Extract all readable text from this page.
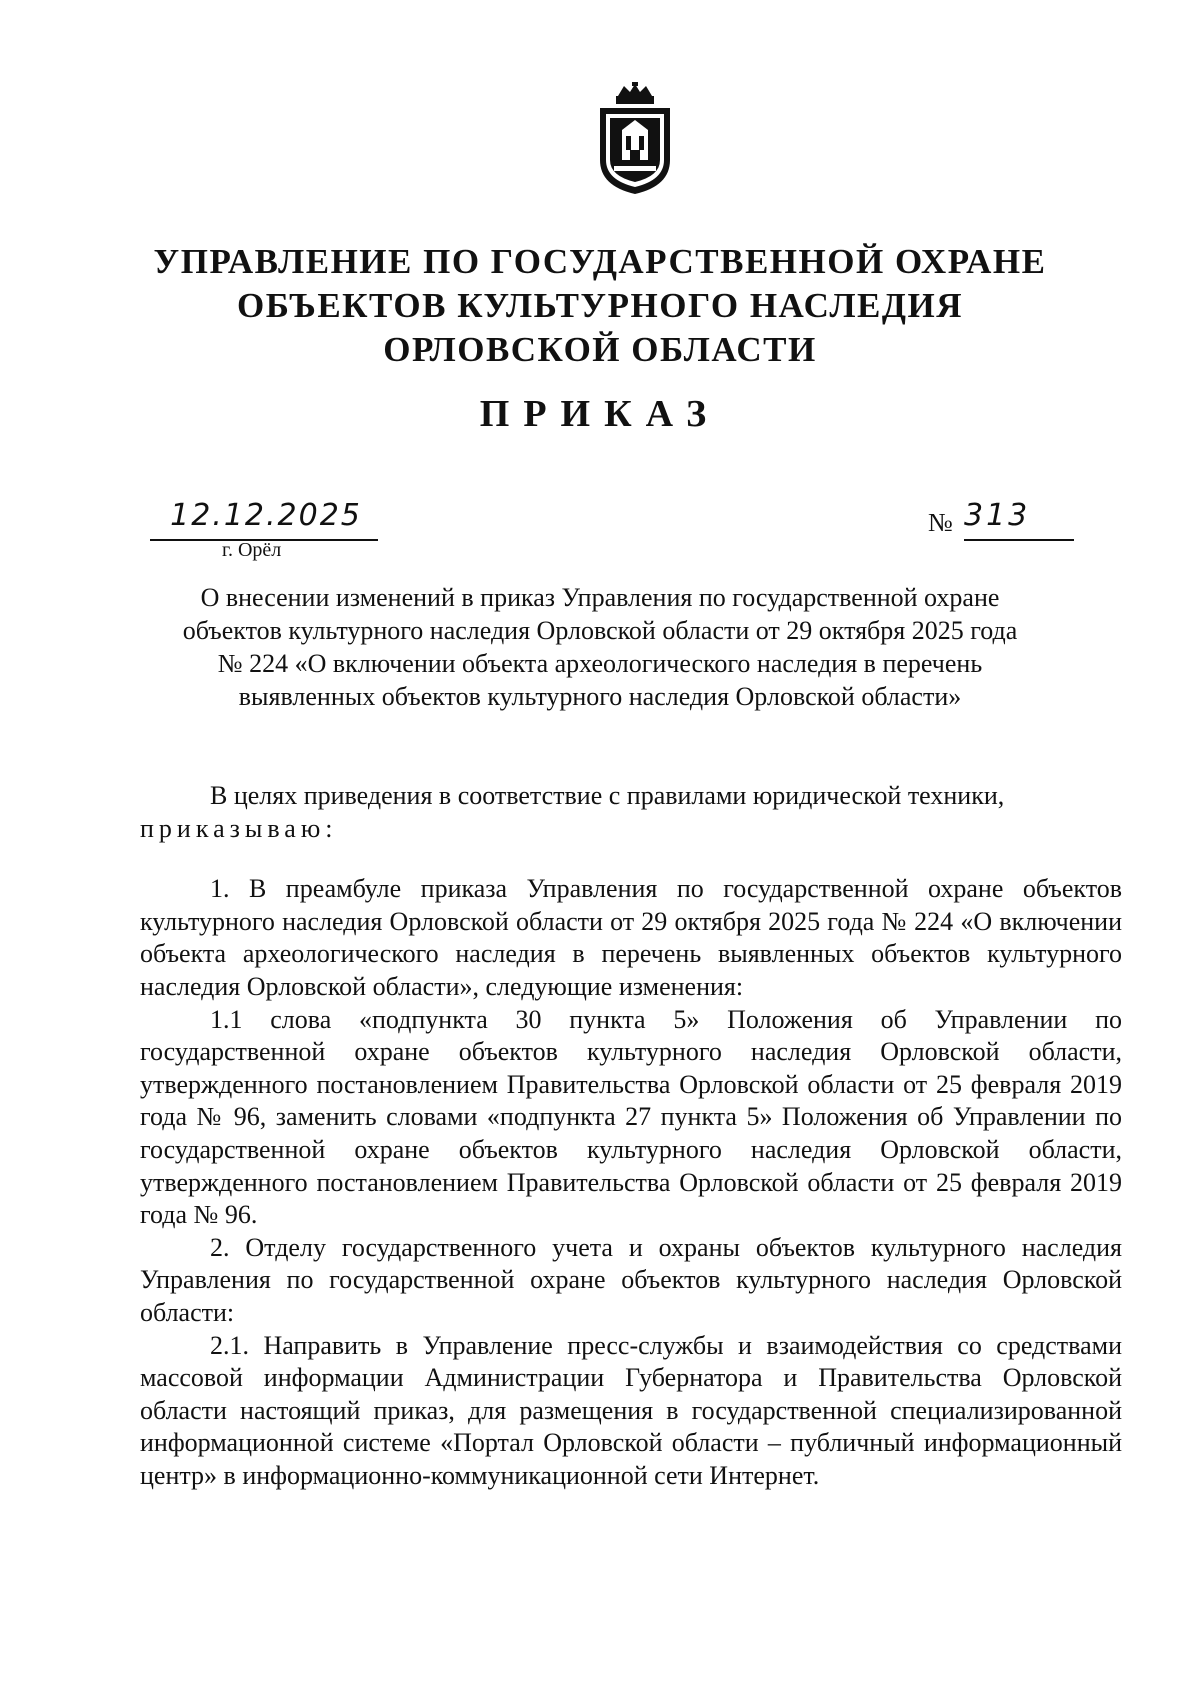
УПРАВЛЕНИЕ ПО ГОСУДАРСТВЕННОЙ ОХРАНЕ
ОБЪЕКТОВ КУЛЬТУРНОГО НАСЛЕДИЯ
ОРЛОВСКОЙ ОБЛАСТИ
ПРИКАЗ
12.12.2025
г. Орёл
№ 313
О внесении изменений в приказ Управления по государственной охране
объектов культурного наследия Орловской области от 29 октября 2025 года
№ 224 «О включении объекта археологического наследия в перечень
выявленных объектов культурного наследия Орловской области»

В целях приведения в соответствие с правилами юридической техники,

приказываю:

1. В преамбуле приказа Управления по государственной охране объектов культурного наследия Орловской области от 29 октября 2025 года № 224 «О включении объекта археологического наследия в перечень выявленных объектов культурного наследия Орловской области», следующие изменения:

1.1 слова «подпункта 30 пункта 5» Положения об Управлении по государственной охране объектов культурного наследия Орловской области, утвержденного постановлением Правительства Орловской области от 25 февраля 2019 года № 96, заменить словами «подпункта 27 пункта 5» Положения об Управлении по государственной охране объектов культурного наследия Орловской области, утвержденного постановлением Правительства Орловской области от 25 февраля 2019 года № 96.

2. Отделу государственного учета и охраны объектов культурного наследия Управления по государственной охране объектов культурного наследия Орловской области:

2.1. Направить в Управление пресс-службы и взаимодействия со средствами массовой информации Администрации Губернатора и Правительства Орловской области настоящий приказ, для размещения в государственной специализированной информационной системе «Портал Орловской области – публичный информационный центр» в информационно-коммуникационной сети Интернет.
